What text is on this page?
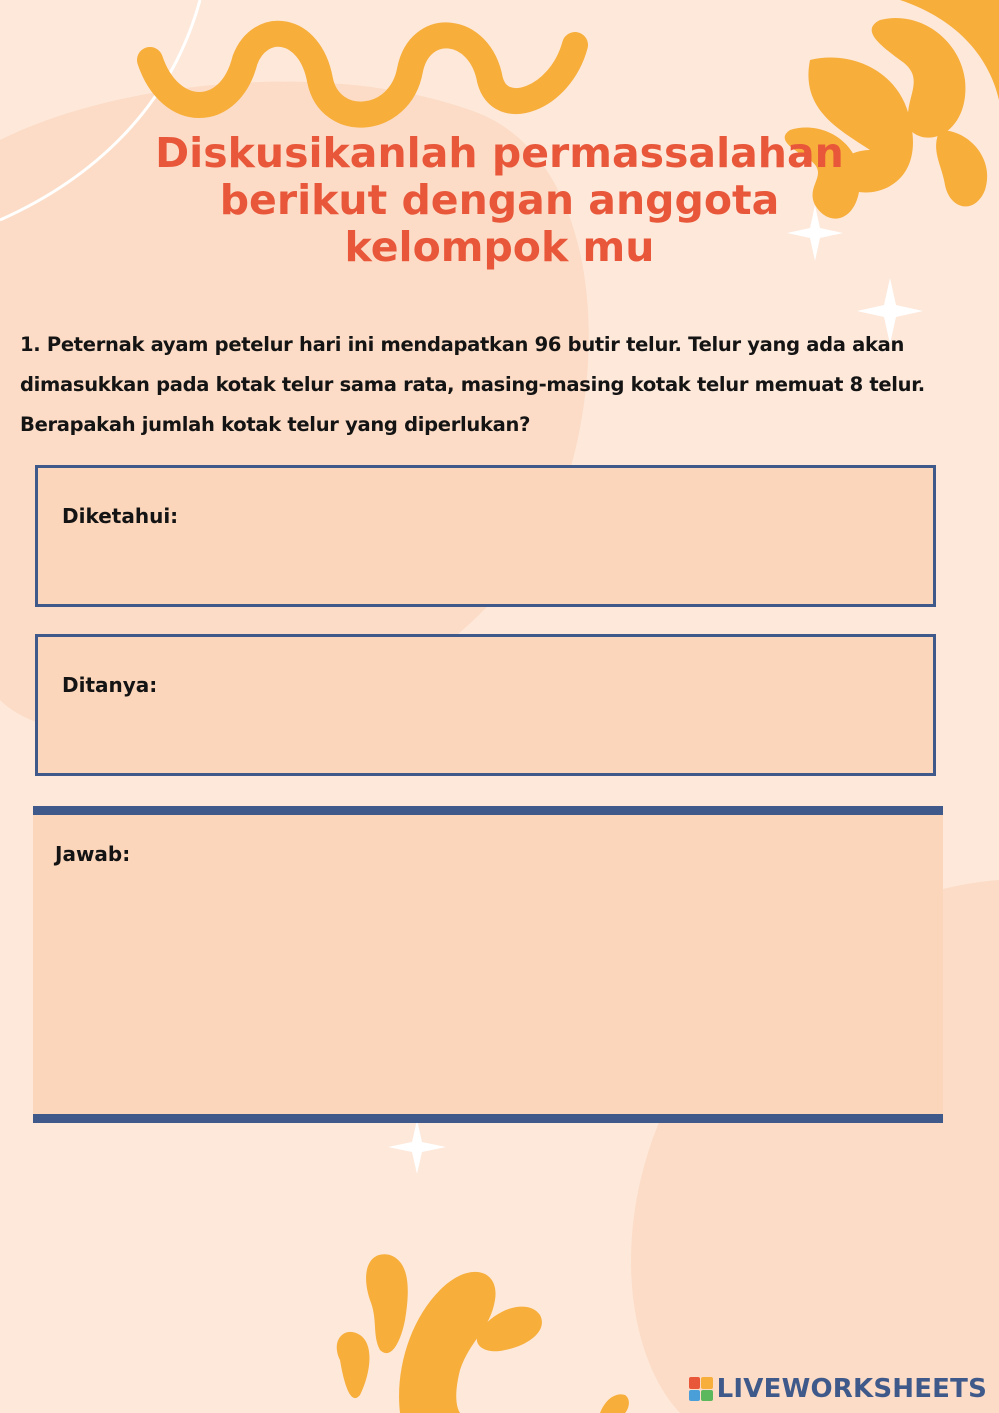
Diskusikanlah permassalahan
berikut dengan anggota
kelompok mu

1. Peternak ayam petelur hari ini mendapatkan 96 butir telur. Telur yang ada akan dimasukkan pada kotak telur sama rata, masing-masing kotak telur memuat 8 telur. Berapakah jumlah kotak telur yang diperlukan?

Diketahui:
Ditanya:
Jawab:
LIVEWORKSHEETS
